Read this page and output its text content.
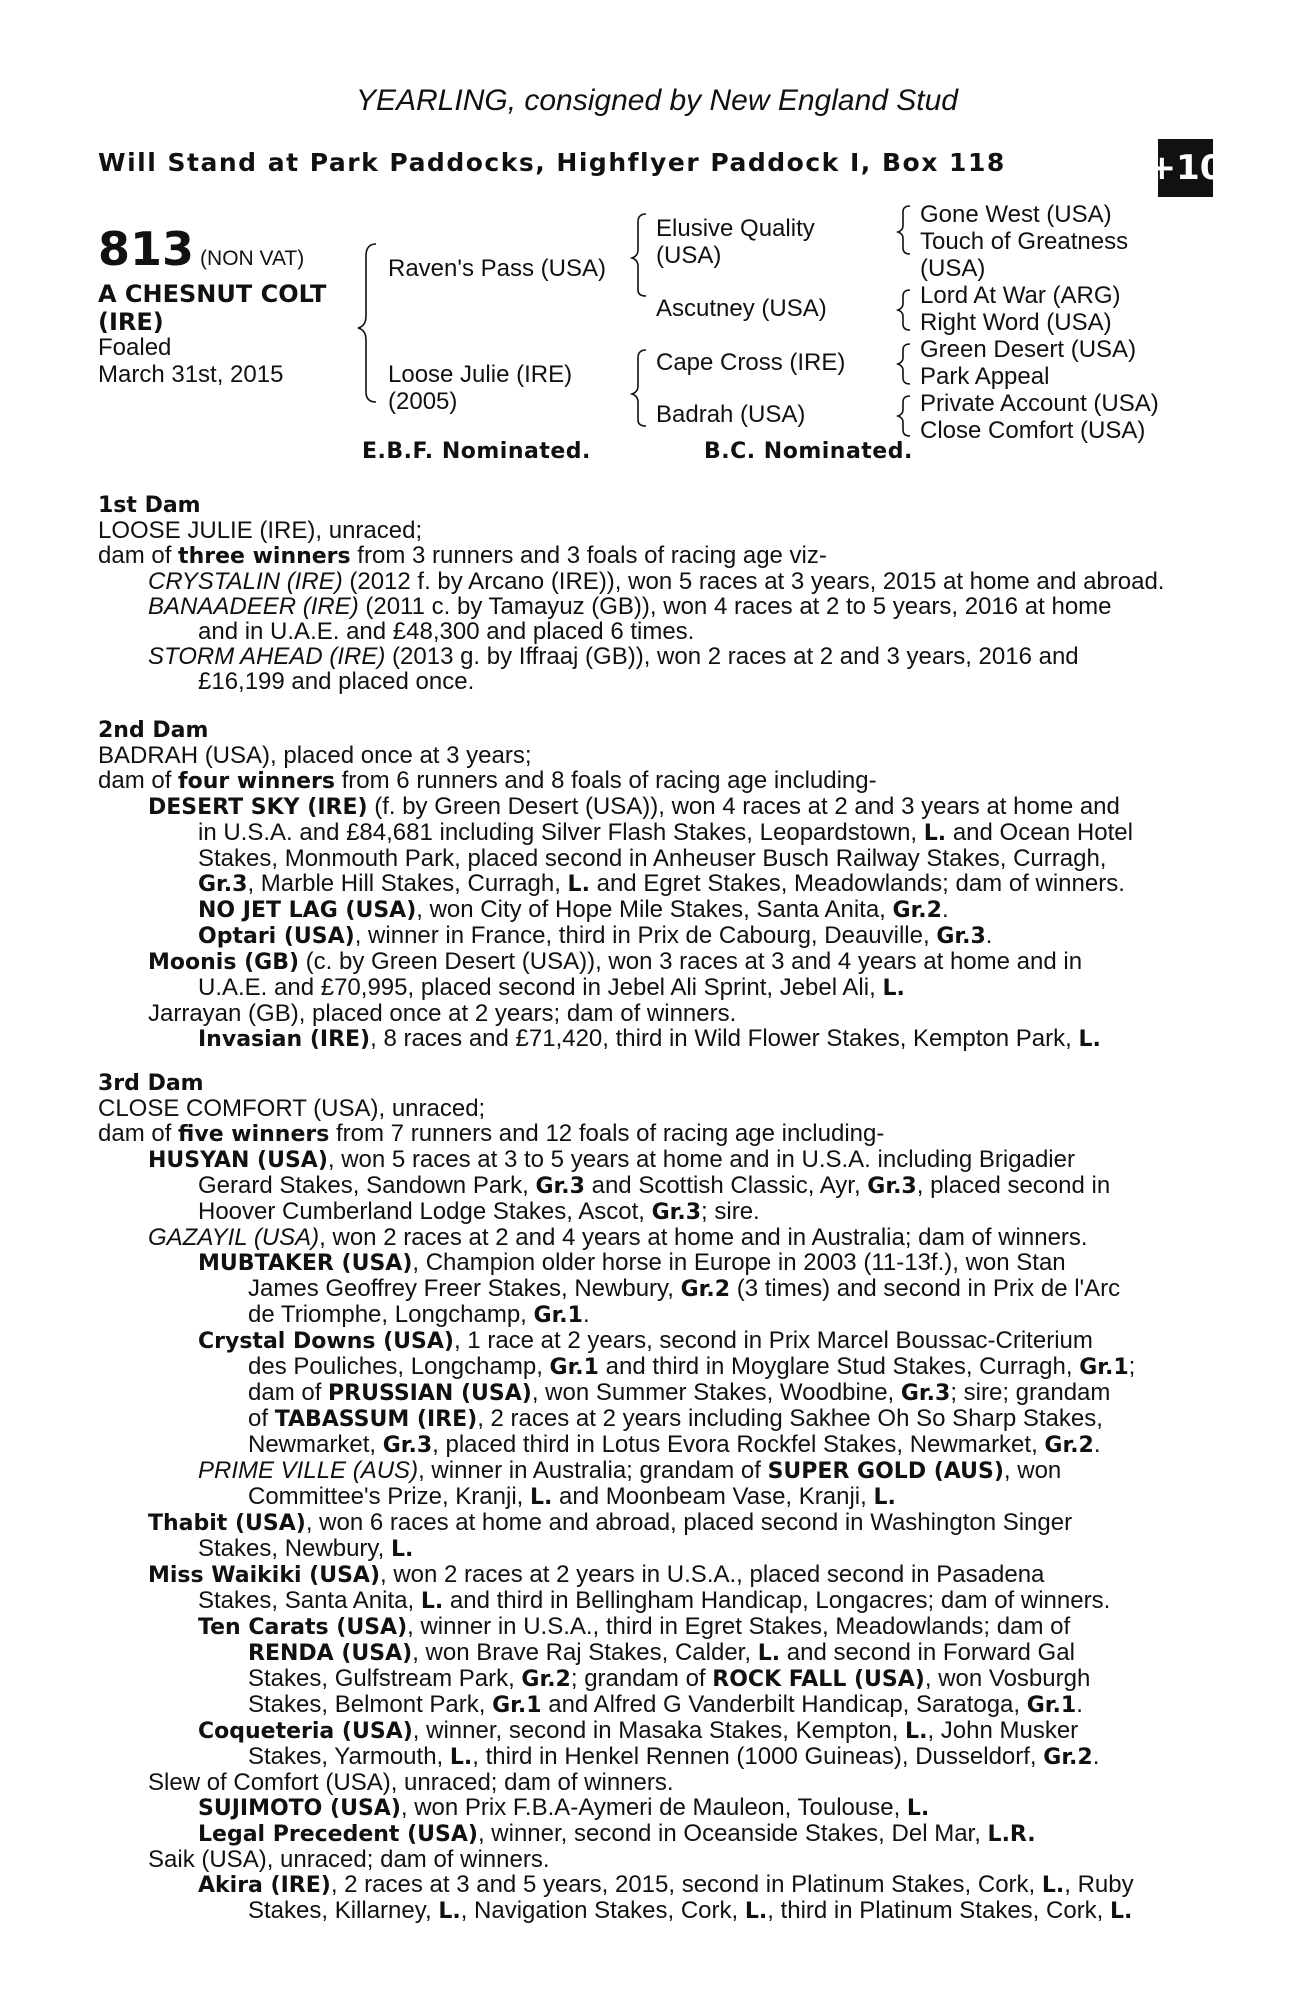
YEARLING, consigned by New England Stud
Will Stand at Park Paddocks, Highflyer Paddock I, Box 118	+10
813 (NON VAT)
A CHESNUT COLT
(IRE)
Foaled
March 31st, 2015
Raven's Pass (USA)
Loose Julie (IRE)
(2005)
Elusive Quality
(USA)
Ascutney (USA)
Cape Cross (IRE)
Badrah (USA)
Gone West (USA)
Touch of Greatness
(USA)
Lord At War (ARG)
Right Word (USA)
Green Desert (USA)
Park Appeal
Private Account (USA)
Close Comfort (USA)
E.B.F. Nominated.	B.C. Nominated.
1st Dam
LOOSE JULIE (IRE), unraced;
dam of three winners from 3 runners and 3 foals of racing age viz-
CRYSTALIN (IRE) (2012 f. by Arcano (IRE)), won 5 races at 3 years, 2015 at home and abroad.
BANAADEER (IRE) (2011 c. by Tamayuz (GB)), won 4 races at 2 to 5 years, 2016 at home
and in U.A.E. and £48,300 and placed 6 times.
STORM AHEAD (IRE) (2013 g. by Iffraaj (GB)), won 2 races at 2 and 3 years, 2016 and
£16,199 and placed once.
2nd Dam
BADRAH (USA), placed once at 3 years;
dam of four winners from 6 runners and 8 foals of racing age including-
DESERT SKY (IRE) (f. by Green Desert (USA)), won 4 races at 2 and 3 years at home and
in U.S.A. and £84,681 including Silver Flash Stakes, Leopardstown, L. and Ocean Hotel
Stakes, Monmouth Park, placed second in Anheuser Busch Railway Stakes, Curragh,
Gr.3, Marble Hill Stakes, Curragh, L. and Egret Stakes, Meadowlands; dam of winners.
NO JET LAG (USA), won City of Hope Mile Stakes, Santa Anita, Gr.2.
Optari (USA), winner in France, third in Prix de Cabourg, Deauville, Gr.3.
Moonis (GB) (c. by Green Desert (USA)), won 3 races at 3 and 4 years at home and in
U.A.E. and £70,995, placed second in Jebel Ali Sprint, Jebel Ali, L.
Jarrayan (GB), placed once at 2 years; dam of winners.
Invasian (IRE), 8 races and £71,420, third in Wild Flower Stakes, Kempton Park, L.
3rd Dam
CLOSE COMFORT (USA), unraced;
dam of five winners from 7 runners and 12 foals of racing age including-
HUSYAN (USA), won 5 races at 3 to 5 years at home and in U.S.A. including Brigadier
Gerard Stakes, Sandown Park, Gr.3 and Scottish Classic, Ayr, Gr.3, placed second in
Hoover Cumberland Lodge Stakes, Ascot, Gr.3; sire.
GAZAYIL (USA), won 2 races at 2 and 4 years at home and in Australia; dam of winners.
MUBTAKER (USA), Champion older horse in Europe in 2003 (11-13f.), won Stan
James Geoffrey Freer Stakes, Newbury, Gr.2 (3 times) and second in Prix de l'Arc
de Triomphe, Longchamp, Gr.1.
Crystal Downs (USA), 1 race at 2 years, second in Prix Marcel Boussac-Criterium
des Pouliches, Longchamp, Gr.1 and third in Moyglare Stud Stakes, Curragh, Gr.1;
dam of PRUSSIAN (USA), won Summer Stakes, Woodbine, Gr.3; sire; grandam
of TABASSUM (IRE), 2 races at 2 years including Sakhee Oh So Sharp Stakes,
Newmarket, Gr.3, placed third in Lotus Evora Rockfel Stakes, Newmarket, Gr.2.
PRIME VILLE (AUS), winner in Australia; grandam of SUPER GOLD (AUS), won
Committee's Prize, Kranji, L. and Moonbeam Vase, Kranji, L.
Thabit (USA), won 6 races at home and abroad, placed second in Washington Singer
Stakes, Newbury, L.
Miss Waikiki (USA), won 2 races at 2 years in U.S.A., placed second in Pasadena
Stakes, Santa Anita, L. and third in Bellingham Handicap, Longacres; dam of winners.
Ten Carats (USA), winner in U.S.A., third in Egret Stakes, Meadowlands; dam of
RENDA (USA), won Brave Raj Stakes, Calder, L. and second in Forward Gal
Stakes, Gulfstream Park, Gr.2; grandam of ROCK FALL (USA), won Vosburgh
Stakes, Belmont Park, Gr.1 and Alfred G Vanderbilt Handicap, Saratoga, Gr.1.
Coqueteria (USA), winner, second in Masaka Stakes, Kempton, L., John Musker
Stakes, Yarmouth, L., third in Henkel Rennen (1000 Guineas), Dusseldorf, Gr.2.
Slew of Comfort (USA), unraced; dam of winners.
SUJIMOTO (USA), won Prix F.B.A-Aymeri de Mauleon, Toulouse, L.
Legal Precedent (USA), winner, second in Oceanside Stakes, Del Mar, L.R.
Saik (USA), unraced; dam of winners.
Akira (IRE), 2 races at 3 and 5 years, 2015, second in Platinum Stakes, Cork, L., Ruby
Stakes, Killarney, L., Navigation Stakes, Cork, L., third in Platinum Stakes, Cork, L.
